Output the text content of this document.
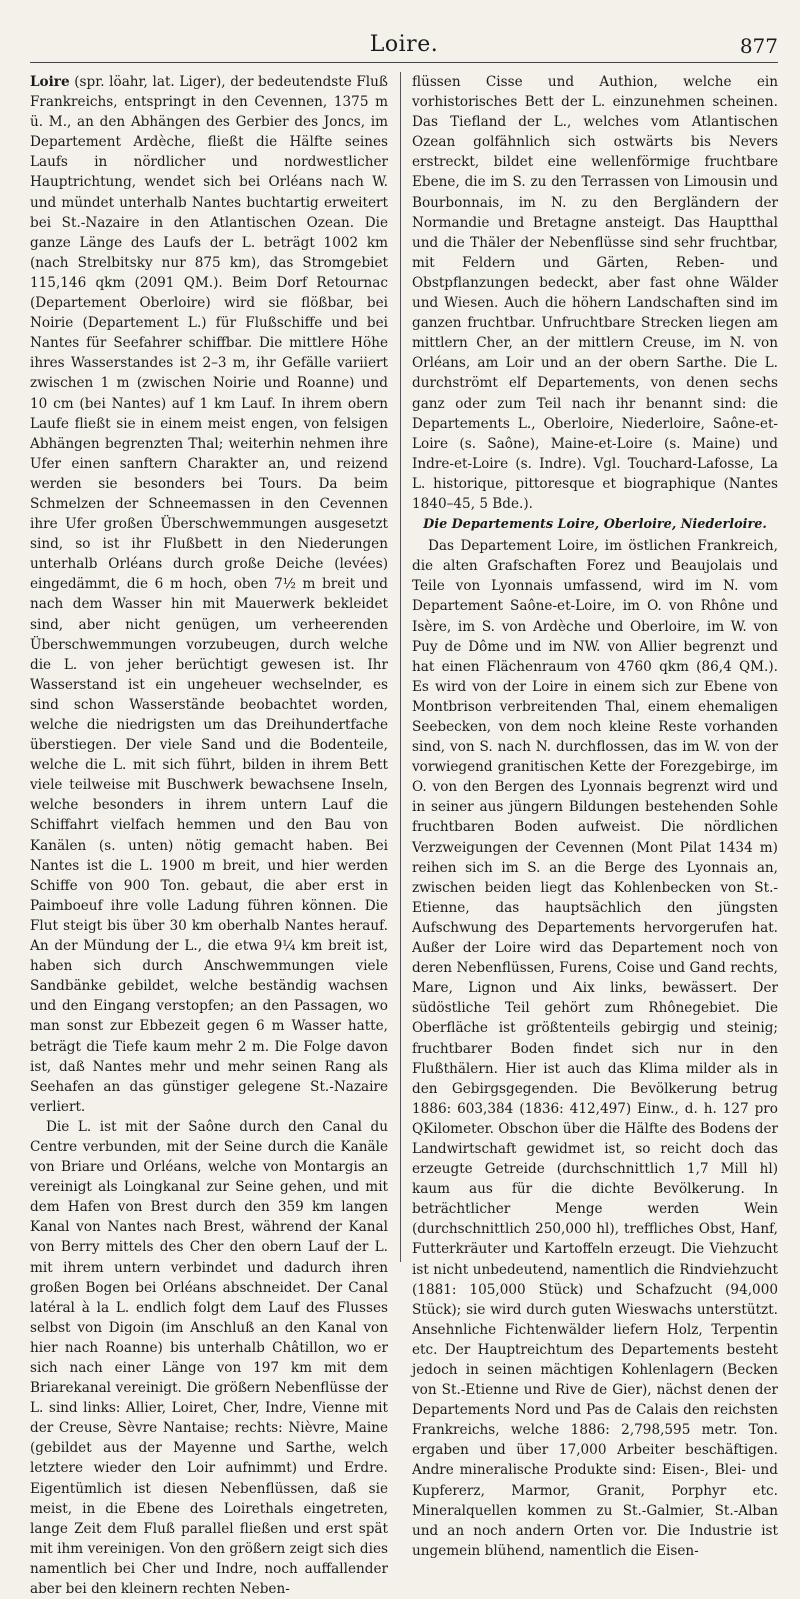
Loire.	877

Loire (spr. löahr, lat. Liger), der bedeutendste Fluß Frankreichs, entspringt in den Cevennen, 1375 m ü. M., an den Abhängen des Gerbier des Joncs, im Departement Ardèche, fließt die Hälfte seines Laufs in nördlicher und nordwestlicher Hauptrichtung, wendet sich bei Orléans nach W. und mündet unterhalb Nantes buchtartig erweitert bei St.-Nazaire in den Atlantischen Ozean. Die ganze Länge des Laufs der L. beträgt 1002 km (nach Strelbitsky nur 875 km), das Stromgebiet 115,146 qkm (2091 QM.). Beim Dorf Retournac (Departement Oberloire) wird sie flößbar, bei Noirie (Departement L.) für Flußschiffe und bei Nantes für Seefahrer schiffbar. Die mittlere Höhe ihres Wasserstandes ist 2–3 m, ihr Gefälle variiert zwischen 1 m (zwischen Noirie und Roanne) und 10 cm (bei Nantes) auf 1 km Lauf. In ihrem obern Laufe fließt sie in einem meist engen, von felsigen Abhängen begrenzten Thal; weiterhin nehmen ihre Ufer einen sanftern Charakter an, und reizend werden sie besonders bei Tours. Da beim Schmelzen der Schneemassen in den Cevennen ihre Ufer großen Überschwemmungen ausgesetzt sind, so ist ihr Flußbett in den Niederungen unterhalb Orléans durch große Deiche (levées) eingedämmt, die 6 m hoch, oben 7½ m breit und nach dem Wasser hin mit Mauerwerk bekleidet sind, aber nicht genügen, um verheerenden Überschwemmungen vorzubeugen, durch welche die L. von jeher berüchtigt gewesen ist. Ihr Wasserstand ist ein ungeheuer wechselnder, es sind schon Wasserstände beobachtet worden, welche die niedrigsten um das Dreihundertfache überstiegen. Der viele Sand und die Bodenteile, welche die L. mit sich führt, bilden in ihrem Bett viele teilweise mit Buschwerk bewachsene Inseln, welche besonders in ihrem untern Lauf die Schiffahrt vielfach hemmen und den Bau von Kanälen (s. unten) nötig gemacht haben. Bei Nantes ist die L. 1900 m breit, und hier werden Schiffe von 900 Ton. gebaut, die aber erst in Paimboeuf ihre volle Ladung führen können. Die Flut steigt bis über 30 km oberhalb Nantes herauf. An der Mündung der L., die etwa 9¼ km breit ist, haben sich durch Anschwemmungen viele Sandbänke gebildet, welche beständig wachsen und den Eingang verstopfen; an den Passagen, wo man sonst zur Ebbezeit gegen 6 m Wasser hatte, beträgt die Tiefe kaum mehr 2 m. Die Folge davon ist, daß Nantes mehr und mehr seinen Rang als Seehafen an das günstiger gelegene St.-Nazaire verliert.

Die L. ist mit der Saône durch den Canal du Centre verbunden, mit der Seine durch die Kanäle von Briare und Orléans, welche von Montargis an vereinigt als Loingkanal zur Seine gehen, und mit dem Hafen von Brest durch den 359 km langen Kanal von Nantes nach Brest, während der Kanal von Berry mittels des Cher den obern Lauf der L. mit ihrem untern verbindet und dadurch ihren großen Bogen bei Orléans abschneidet. Der Canal latéral à la L. endlich folgt dem Lauf des Flusses selbst von Digoin (im Anschluß an den Kanal von hier nach Roanne) bis unterhalb Châtillon, wo er sich nach einer Länge von 197 km mit dem Briarekanal vereinigt. Die größern Nebenflüsse der L. sind links: Allier, Loiret, Cher, Indre, Vienne mit der Creuse, Sèvre Nantaise; rechts: Nièvre, Maine (gebildet aus der Mayenne und Sarthe, welch letztere wieder den Loir aufnimmt) und Erdre. Eigentümlich ist diesen Nebenflüssen, daß sie meist, in die Ebene des Loirethals eingetreten, lange Zeit dem Fluß parallel fließen und erst spät mit ihm vereinigen. Von den größern zeigt sich dies namentlich bei Cher und Indre, noch auffallender aber bei den kleinern rechten Neben-

flüssen Cisse und Authion, welche ein vorhistorisches Bett der L. einzunehmen scheinen. Das Tiefland der L., welches vom Atlantischen Ozean golfähnlich sich ostwärts bis Nevers erstreckt, bildet eine wellenförmige fruchtbare Ebene, die im S. zu den Terrassen von Limousin und Bourbonnais, im N. zu den Bergländern der Normandie und Bretagne ansteigt. Das Hauptthal und die Thäler der Nebenflüsse sind sehr fruchtbar, mit Feldern und Gärten, Reben- und Obstpflanzungen bedeckt, aber fast ohne Wälder und Wiesen. Auch die höhern Landschaften sind im ganzen fruchtbar. Unfruchtbare Strecken liegen am mittlern Cher, an der mittlern Creuse, im N. von Orléans, am Loir und an der obern Sarthe. Die L. durchströmt elf Departements, von denen sechs ganz oder zum Teil nach ihr benannt sind: die Departements L., Oberloire, Niederloire, Saône-et-Loire (s. Saône), Maine-et-Loire (s. Maine) und Indre-et-Loire (s. Indre). Vgl. Touchard-Lafosse, La L. historique, pittoresque et biographique (Nantes 1840–45, 5 Bde.).

Die Departements Loire, Oberloire, Niederloire.

Das Departement Loire, im östlichen Frankreich, die alten Grafschaften Forez und Beaujolais und Teile von Lyonnais umfassend, wird im N. vom Departement Saône-et-Loire, im O. von Rhône und Isère, im S. von Ardèche und Oberloire, im W. von Puy de Dôme und im NW. von Allier begrenzt und hat einen Flächenraum von 4760 qkm (86,4 QM.). Es wird von der Loire in einem sich zur Ebene von Montbrison verbreitenden Thal, einem ehemaligen Seebecken, von dem noch kleine Reste vorhanden sind, von S. nach N. durchflossen, das im W. von der vorwiegend granitischen Kette der Forezgebirge, im O. von den Bergen des Lyonnais begrenzt wird und in seiner aus jüngern Bildungen bestehenden Sohle fruchtbaren Boden aufweist. Die nördlichen Verzweigungen der Cevennen (Mont Pilat 1434 m) reihen sich im S. an die Berge des Lyonnais an, zwischen beiden liegt das Kohlenbecken von St.-Etienne, das hauptsächlich den jüngsten Aufschwung des Departements hervorgerufen hat. Außer der Loire wird das Departement noch von deren Nebenflüssen, Furens, Coise und Gand rechts, Mare, Lignon und Aix links, bewässert. Der südöstliche Teil gehört zum Rhônegebiet. Die Oberfläche ist größtenteils gebirgig und steinig; fruchtbarer Boden findet sich nur in den Flußthälern. Hier ist auch das Klima milder als in den Gebirgsgegenden. Die Bevölkerung betrug 1886: 603,384 (1836: 412,497) Einw., d. h. 127 pro QKilometer. Obschon über die Hälfte des Bodens der Landwirtschaft gewidmet ist, so reicht doch das erzeugte Getreide (durchschnittlich 1,7 Mill hl) kaum aus für die dichte Bevölkerung. In beträchtlicher Menge werden Wein (durchschnittlich 250,000 hl), treffliches Obst, Hanf, Futterkräuter und Kartoffeln erzeugt. Die Viehzucht ist nicht unbedeutend, namentlich die Rindviehzucht (1881: 105,000 Stück) und Schafzucht (94,000 Stück); sie wird durch guten Wieswachs unterstützt. Ansehnliche Fichtenwälder liefern Holz, Terpentin etc. Der Hauptreichtum des Departements besteht jedoch in seinen mächtigen Kohlenlagern (Becken von St.-Etienne und Rive de Gier), nächst denen der Departements Nord und Pas de Calais den reichsten Frankreichs, welche 1886: 2,798,595 metr. Ton. ergaben und über 17,000 Arbeiter beschäftigen. Andre mineralische Produkte sind: Eisen-, Blei- und Kupfererz, Marmor, Granit, Porphyr etc. Mineralquellen kommen zu St.-Galmier, St.-Alban und an noch andern Orten vor. Die Industrie ist ungemein blühend, namentlich die Eisen-
